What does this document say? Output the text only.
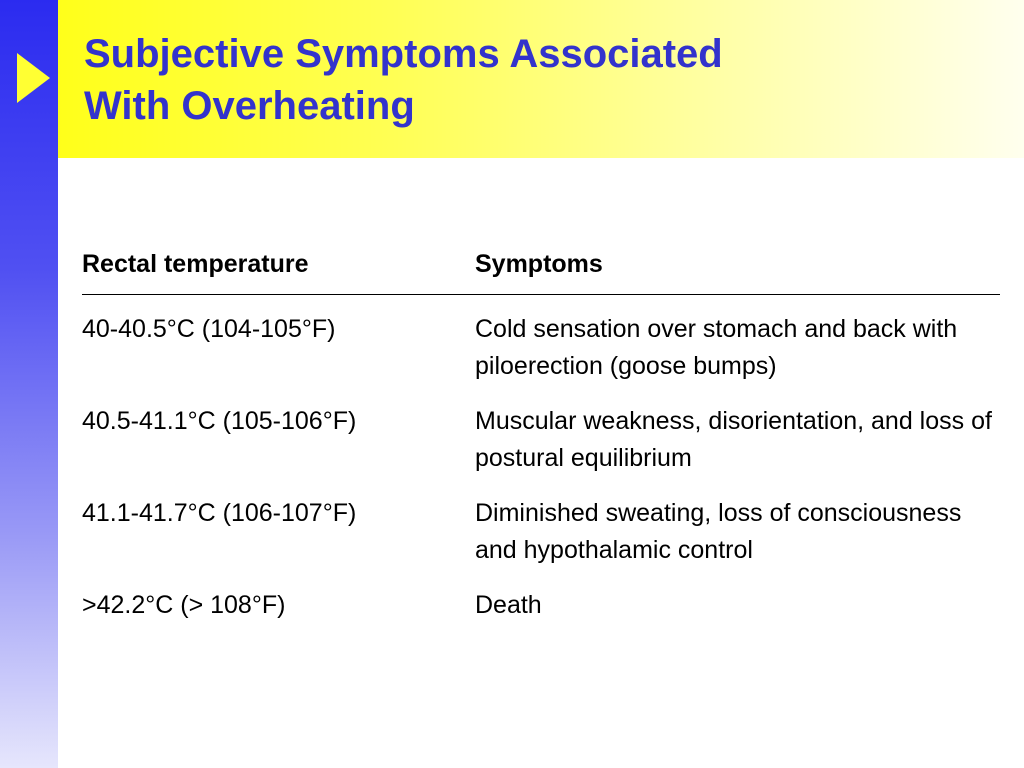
Subjective Symptoms Associated
With Overheating
Rectal temperature	Symptoms
40-40.5°C (104-105°F)	Cold sensation over stomach and back with piloerection (goose bumps)
40.5-41.1°C (105-106°F)	Muscular weakness, disorientation, and loss of postural equilibrium
41.1-41.7°C (106-107°F)	Diminished sweating, loss of consciousness and hypothalamic control
>42.2°C (> 108°F)	Death
